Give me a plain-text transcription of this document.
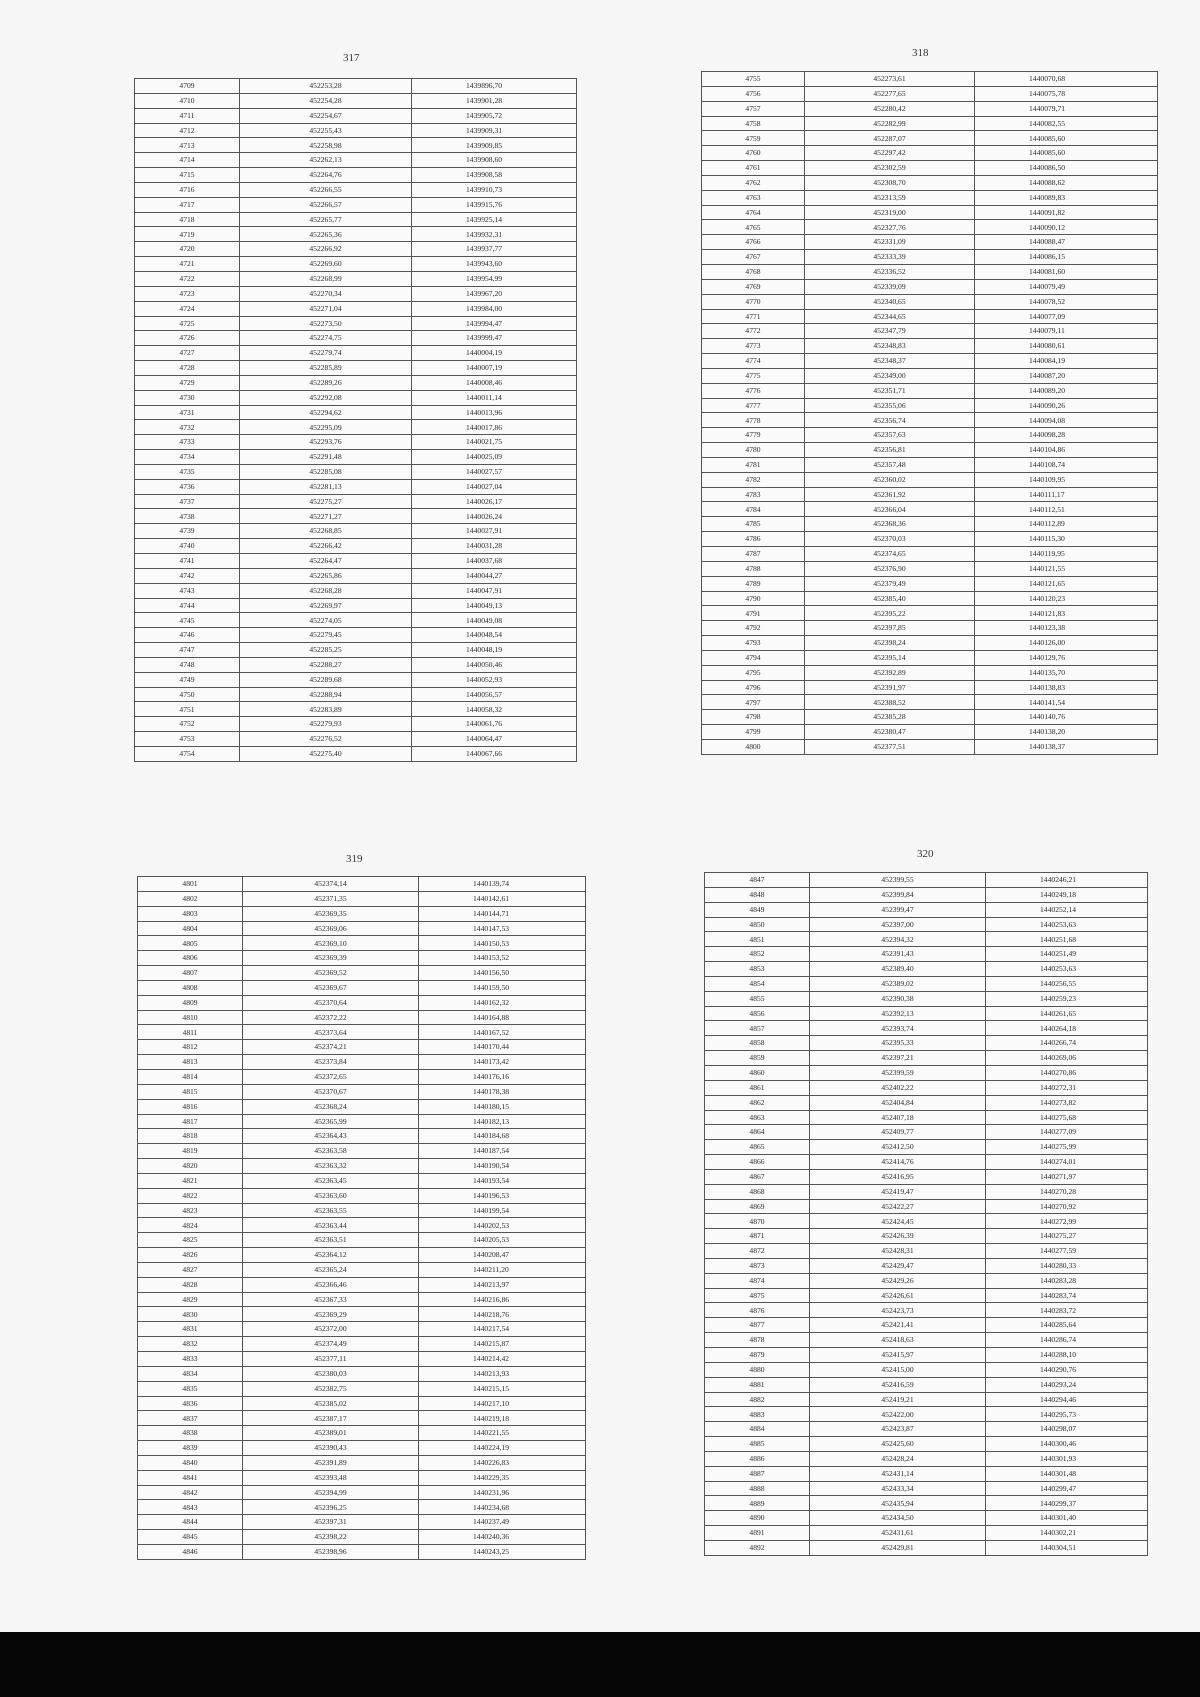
317
4709	452253,28	1439896,70
4710	452254,28	1439901,28
4711	452254,67	1439905,72
4712	452255,43	1439909,31
4713	452258,98	1439909,85
4714	452262,13	1439908,60
4715	452264,76	1439908,58
4716	452266,55	1439910,73
4717	452266,57	1439915,76
4718	452265,77	1439925,14
4719	452265,36	1439932,31
4720	452266,92	1439937,77
4721	452269,60	1439943,60
4722	452268,99	1439954,99
4723	452270,34	1439967,20
4724	452271,04	1439984,00
4725	452273,50	1439994,47
4726	452274,75	1439999,47
4727	452279,74	1440004,19
4728	452285,89	1440007,19
4729	452289,26	1440008,46
4730	452292,08	1440011,14
4731	452294,62	1440013,96
4732	452295,09	1440017,86
4733	452293,76	1440021,75
4734	452291,48	1440025,09
4735	452285,08	1440027,57
4736	452281,13	1440027,04
4737	452275,27	1440026,17
4738	452271,27	1440026,24
4739	452268,85	1440027,91
4740	452266,42	1440031,28
4741	452264,47	1440037,68
4742	452265,86	1440044,27
4743	452268,28	1440047,91
4744	452269,97	1440049,13
4745	452274,05	1440049,08
4746	452279,45	1440048,54
4747	452285,25	1440048,19
4748	452288,27	1440050,46
4749	452289,68	1440052,93
4750	452288,94	1440056,57
4751	452283,89	1440058,32
4752	452279,93	1440061,76
4753	452276,52	1440064,47
4754	452275,40	1440067,66
318
4755	452273,61	1440070,68
4756	452277,65	1440075,78
4757	452280,42	1440079,71
4758	452282,99	1440082,55
4759	452287,07	1440085,60
4760	452297,42	1440085,60
4761	452302,59	1440086,50
4762	452308,70	1440088,62
4763	452313,59	1440089,83
4764	452319,00	1440091,82
4765	452327,76	1440090,12
4766	452331,09	1440088,47
4767	452333,39	1440086,15
4768	452336,52	1440081,60
4769	452339,09	1440079,49
4770	452340,65	1440078,52
4771	452344,65	1440077,09
4772	452347,79	1440079,11
4773	452348,83	1440080,61
4774	452348,37	1440084,19
4775	452349,00	1440087,20
4776	452351,71	1440089,20
4777	452355,06	1440090,26
4778	452356,74	1440094,08
4779	452357,63	1440098,28
4780	452356,81	1440104,86
4781	452357,48	1440108,74
4782	452360,02	1440109,95
4783	452361,92	1440111,17
4784	452366,04	1440112,51
4785	452368,36	1440112,89
4786	452370,03	1440115,30
4787	452374,65	1440119,95
4788	452376,90	1440121,55
4789	452379,49	1440121,65
4790	452385,40	1440120,23
4791	452395,22	1440121,83
4792	452397,85	1440123,38
4793	452398,24	1440126,00
4794	452395,14	1440129,76
4795	452392,89	1440135,70
4796	452391,97	1440138,83
4797	452388,52	1440141,54
4798	452385,28	1440140,76
4799	452380,47	1440138,20
4800	452377,51	1440138,37
319
4801	452374,14	1440139,74
4802	452371,35	1440142,61
4803	452369,35	1440144,71
4804	452369,06	1440147,53
4805	452369,10	1440150,53
4806	452369,39	1440153,52
4807	452369,52	1440156,50
4808	452369,67	1440159,50
4809	452370,64	1440162,32
4810	452372,22	1440164,88
4811	452373,64	1440167,52
4812	452374,21	1440170,44
4813	452373,84	1440173,42
4814	452372,65	1440176,16
4815	452370,67	1440178,38
4816	452368,24	1440180,15
4817	452365,99	1440182,13
4818	452364,43	1440184,68
4819	452363,58	1440187,54
4820	452363,32	1440190,54
4821	452363,45	1440193,54
4822	452363,60	1440196,53
4823	452363,55	1440199,54
4824	452363,44	1440202,53
4825	452363,51	1440205,53
4826	452364,12	1440208,47
4827	452365,24	1440211,20
4828	452366,46	1440213,97
4829	452367,33	1440216,86
4830	452369,29	1440218,76
4831	452372,00	1440217,54
4832	452374,49	1440215,87
4833	452377,11	1440214,42
4834	452380,03	1440213,93
4835	452382,75	1440215,15
4836	452385,02	1440217,10
4837	452387,17	1440219,18
4838	452389,01	1440221,55
4839	452390,43	1440224,19
4840	452391,89	1440226,83
4841	452393,48	1440229,35
4842	452394,99	1440231,96
4843	452396,25	1440234,68
4844	452397,31	1440237,49
4845	452398,22	1440240,36
4846	452398,96	1440243,25
320
4847	452399,55	1440246,21
4848	452399,84	1440249,18
4849	452399,47	1440252,14
4850	452397,00	1440253,63
4851	452394,32	1440251,68
4852	452391,43	1440251,49
4853	452389,40	1440253,63
4854	452389,02	1440256,55
4855	452390,38	1440259,23
4856	452392,13	1440261,65
4857	452393,74	1440264,18
4858	452395,33	1440266,74
4859	452397,21	1440269,06
4860	452399,59	1440270,86
4861	452402,22	1440272,31
4862	452404,84	1440273,82
4863	452407,18	1440275,68
4864	452409,77	1440277,09
4865	452412,50	1440275,99
4866	452414,76	1440274,01
4867	452416,95	1440271,97
4868	452419,47	1440270,28
4869	452422,27	1440270,92
4870	452424,45	1440272,99
4871	452426,39	1440275,27
4872	452428,31	1440277,59
4873	452429,47	1440280,33
4874	452429,26	1440283,28
4875	452426,61	1440283,74
4876	452423,73	1440283,72
4877	452421,41	1440285,64
4878	452418,63	1440286,74
4879	452415,97	1440288,10
4880	452415,00	1440290,76
4881	452416,59	1440293,24
4882	452419,21	1440294,46
4883	452422,00	1440295,73
4884	452423,87	1440298,07
4885	452425,60	1440300,46
4886	452428,24	1440301,93
4887	452431,14	1440301,48
4888	452433,34	1440299,47
4889	452435,94	1440299,37
4890	452434,50	1440301,40
4891	452431,61	1440302,21
4892	452429,81	1440304,51
